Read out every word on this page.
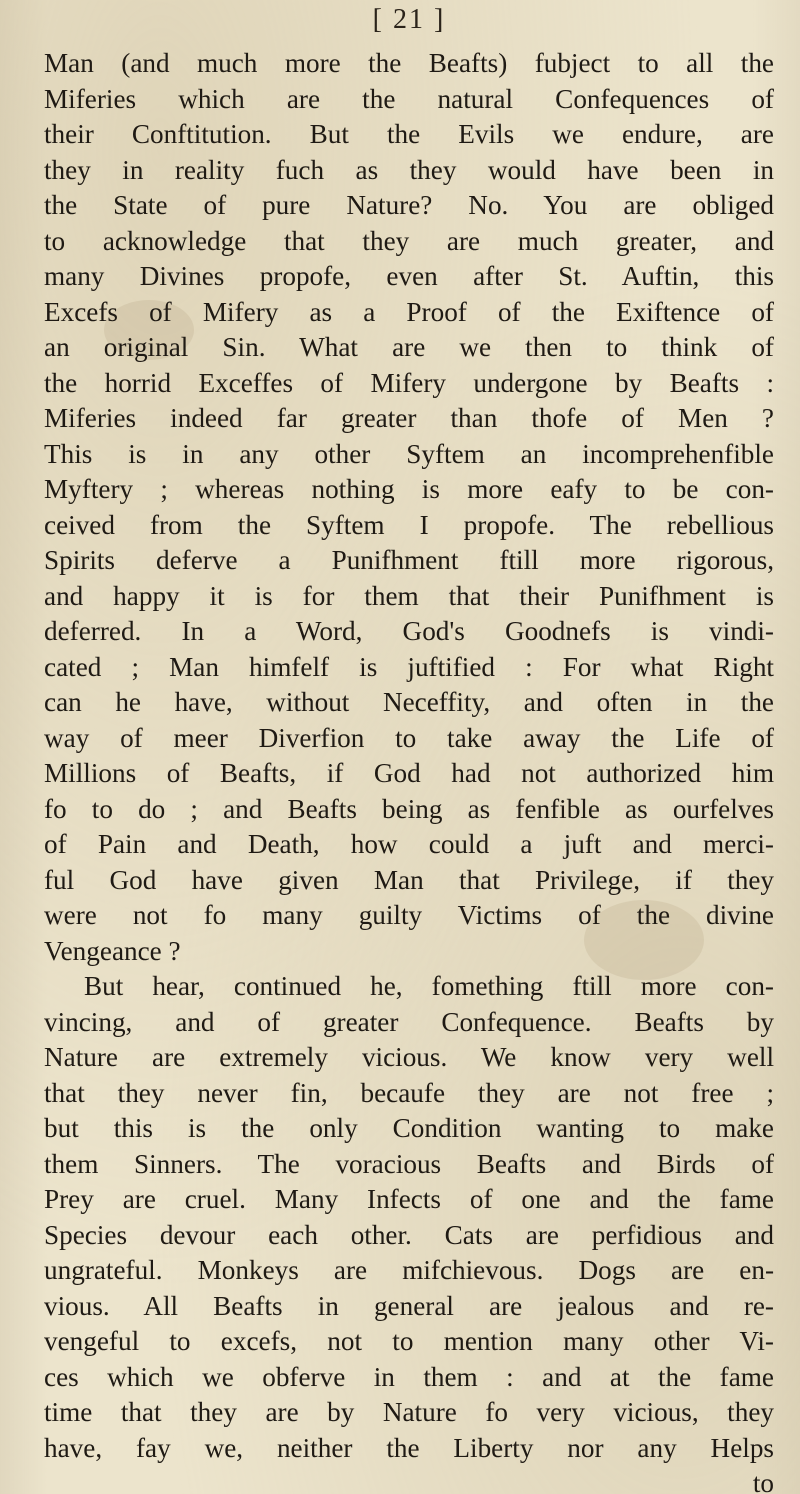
[ 21 ]
Man (and much more the Beafts) fubject to all the
Miferies which are the natural Confequences of
their Conftitution. But the Evils we endure, are
they in reality fuch as they would have been in
the State of pure Nature? No. You are obliged
to acknowledge that they are much greater, and
many Divines propofe, even after St. Auftin, this
Excefs of Mifery as a Proof of the Exiftence of
an original Sin. What are we then to think of
the horrid Exceffes of Mifery undergone by Beafts :
Miferies indeed far greater than thofe of Men ?
This is in any other Syftem an incomprehenfible
Myftery ; whereas nothing is more eafy to be con-
ceived from the Syftem I propofe. The rebellious
Spirits deferve a Punifhment ftill more rigorous,
and happy it is for them that their Punifhment is
deferred. In a Word, God's Goodnefs is vindi-
cated ; Man himfelf is juftified : For what Right
can he have, without Neceffity, and often in the
way of meer Diverfion to take away the Life of
Millions of Beafts, if God had not authorized him
fo to do ; and Beafts being as fenfible as ourfelves
of Pain and Death, how could a juft and merci-
ful God have given Man that Privilege, if they
were not fo many guilty Victims of the divine
Vengeance ?
But hear, continued he, fomething ftill more con-
vincing, and of greater Confequence. Beafts by
Nature are extremely vicious. We know very well
that they never fin, becaufe they are not free ;
but this is the only Condition wanting to make
them Sinners. The voracious Beafts and Birds of
Prey are cruel. Many Infects of one and the fame
Species devour each other. Cats are perfidious and
ungrateful. Monkeys are mifchievous. Dogs are en-
vious. All Beafts in general are jealous and re-
vengeful to excefs, not to mention many other Vi-
ces which we obferve in them : and at the fame
time that they are by Nature fo very vicious, they
have, fay we, neither the Liberty nor any Helps
to
